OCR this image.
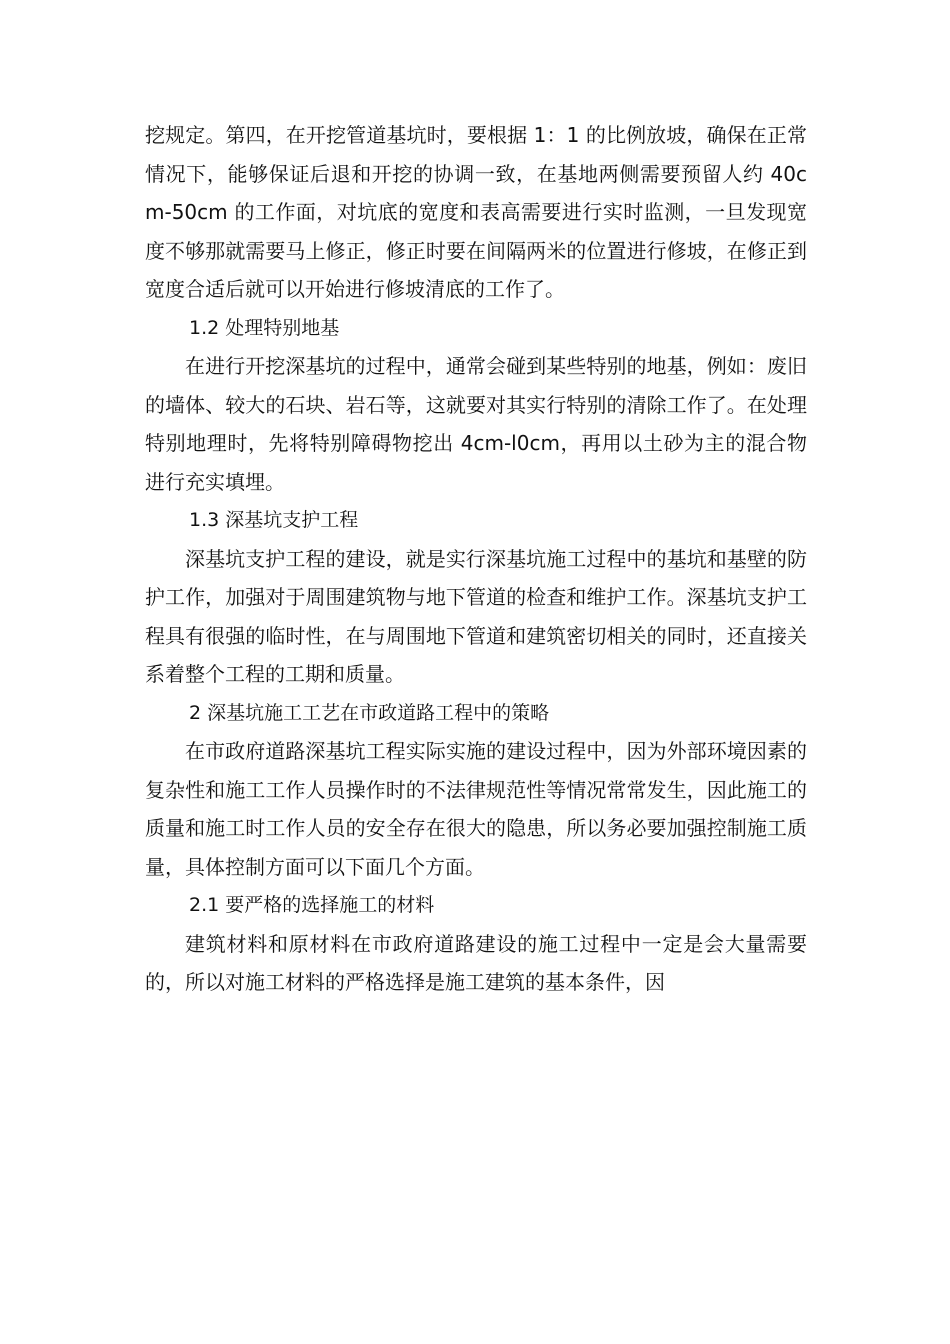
挖规定。第四，在开挖管道基坑时，要根据 1：1 的比例放坡，确保在正常情况下，能够保证后退和开挖的协调一致，在基地两侧需要预留人约 40cm-50cm 的工作面，对坑底的宽度和表高需要进行实时监测，一旦发现宽度不够那就需要马上修正，修正时要在间隔两米的位置进行修坡，在修正到宽度合适后就可以开始进行修坡清底的工作了。

1.2 处理特别地基

在进行开挖深基坑的过程中，通常会碰到某些特别的地基，例如：废旧的墙体、较大的石块、岩石等，这就要对其实行特别的清除工作了。在处理特别地理时，先将特别障碍物挖出 4cm-l0cm，再用以土砂为主的混合物进行充实填埋。

1.3 深基坑支护工程

深基坑支护工程的建设，就是实行深基坑施工过程中的基坑和基壁的防护工作，加强对于周围建筑物与地下管道的检查和维护工作。深基坑支护工程具有很强的临时性，在与周围地下管道和建筑密切相关的同时，还直接关系着整个工程的工期和质量。

2 深基坑施工工艺在市政道路工程中的策略

在市政府道路深基坑工程实际实施的建设过程中，因为外部环境因素的复杂性和施工工作人员操作时的不法律规范性等情况常常发生，因此施工的质量和施工时工作人员的安全存在很大的隐患，所以务必要加强控制施工质量，具体控制方面可以下面几个方面。

2.1 要严格的选择施工的材料

建筑材料和原材料在市政府道路建设的施工过程中一定是会大量需要的，所以对施工材料的严格选择是施工建筑的基本条件，因
